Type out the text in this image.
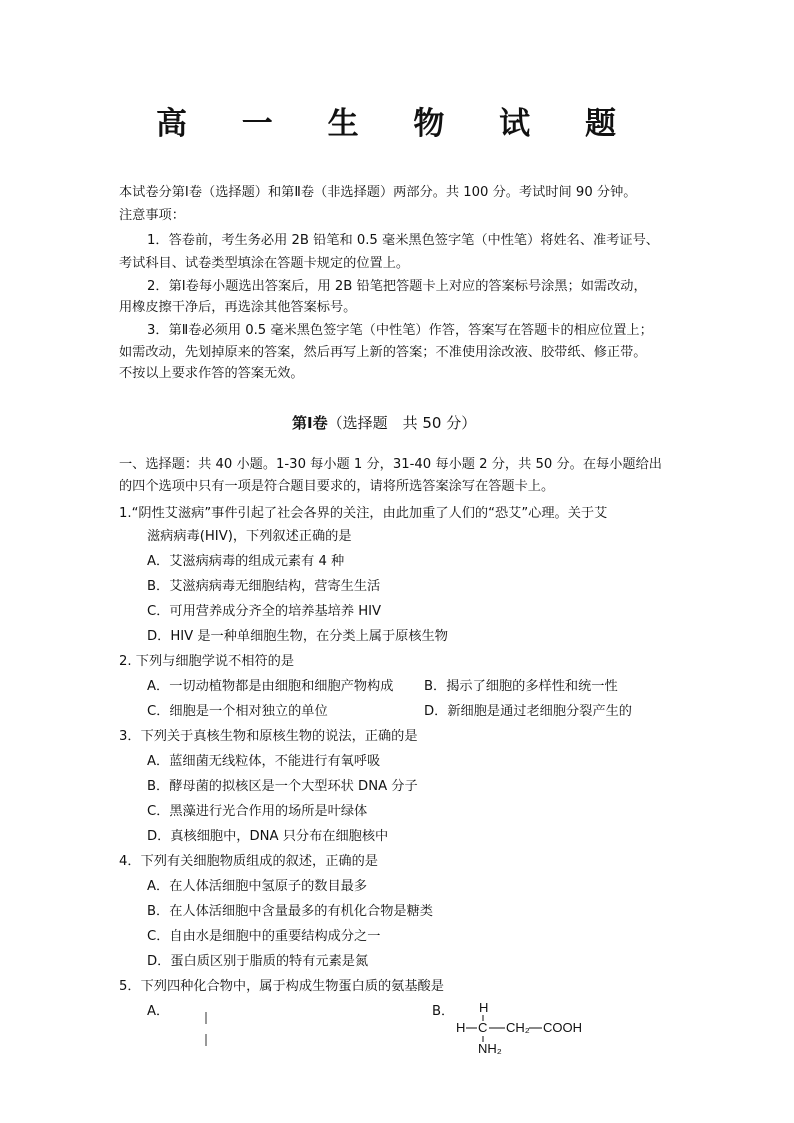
高 一 生 物 试 题
本试卷分第Ⅰ卷（选择题）和第Ⅱ卷（非选择题）两部分。共 100 分。考试时间 90 分钟。
注意事项：
1．答卷前，考生务必用 2B 铅笔和 0.5 毫米黑色签字笔（中性笔）将姓名、准考证号、
考试科目、试卷类型填涂在答题卡规定的位置上。
2．第Ⅰ卷每小题选出答案后，用 2B 铅笔把答题卡上对应的答案标号涂黑；如需改动，
用橡皮擦干净后，再选涂其他答案标号。
3．第Ⅱ卷必须用 0.5 毫米黑色签字笔（中性笔）作答，答案写在答题卡的相应位置上；
如需改动，先划掉原来的答案，然后再写上新的答案；不准使用涂改液、胶带纸、修正带。
不按以上要求作答的答案无效。
第Ⅰ卷（选择题　共 50 分）
一、选择题：共 40 小题。1-30 每小题 1 分，31-40 每小题 2 分，共 50 分。在每小题给出
的四个选项中只有一项是符合题目要求的，请将所选答案涂写在答题卡上。
1.“阴性艾滋病”事件引起了社会各界的关注，由此加重了人们的“恐艾”心理。关于艾
滋病病毒(HIV)，下列叙述正确的是
A．艾滋病病毒的组成元素有 4 种
B．艾滋病病毒无细胞结构，营寄生生活
C．可用营养成分齐全的培养基培养 HIV
D．HIV 是一种单细胞生物，在分类上属于原核生物
2. 下列与细胞学说不相符的是
A．一切动植物都是由细胞和细胞产物构成 B．揭示了细胞的多样性和统一性
C．细胞是一个相对独立的单位	D．新细胞是通过老细胞分裂产生的
3．下列关于真核生物和原核生物的说法，正确的是
A．蓝细菌无线粒体，不能进行有氧呼吸
B．酵母菌的拟核区是一个大型环状 DNA 分子
C．黑藻进行光合作用的场所是叶绿体
D．真核细胞中，DNA 只分布在细胞核中
4．下列有关细胞物质组成的叙述，正确的是
A．在人体活细胞中氢原子的数目最多
B．在人体活细胞中含量最多的有机化合物是糖类
C．自由水是细胞中的重要结构成分之一
D．蛋白质区别于脂质的特有元素是氮
5．下列四种化合物中，属于构成生物蛋白质的氨基酸是
A．	B． H
H C CH₂ COOH
NH₂
